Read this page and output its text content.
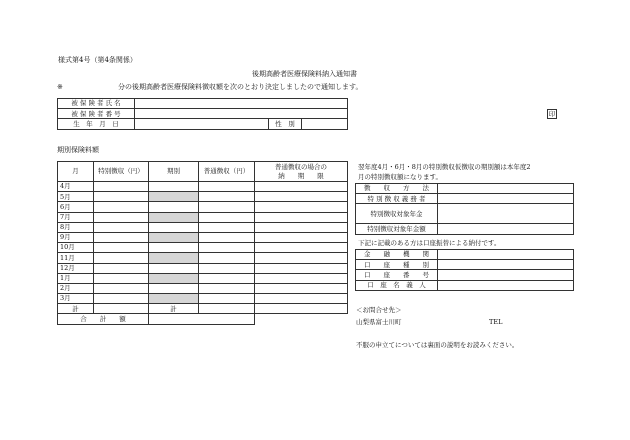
様式第4号（第4条関係）
後期高齢者医療保険料納入通知書
※	分の後期高齢者医療保険料徴収額を次のとおり決定しましたので通知します。
被 保 険 者 氏 名			
被 保 険 者 番 号			
生　年　月　日		性　別	
印
期別保険料額
月	特別徴収（円）	期別	普通徴収（円）	普通徴収の場合の
納　　期　　限

4月				
5月				
6月				
7月				
8月				
9月				
10月				
11月				
12月				
1月				
2月				
3月				
計		計		
合　　計　　額				
翌年度4月・6月・8月の特別徴収仮徴収の期別額は本年度2
月の特別徴収額になります。
徴　　収　　方　　法	
特 別 徴 収 義 務 者	
特別徴収対象年金	
特別徴収対象年金額	
下記に記載のある方は口座振替による納付です。
金　　融　　機　　関	
口　　座　　種　　別	
口　　座　　番　　号	
口　座　名　義　人	
＜お問合せ先＞
山梨県富士川町	TEL
不服の申立てについては裏面の説明をお読みください。
